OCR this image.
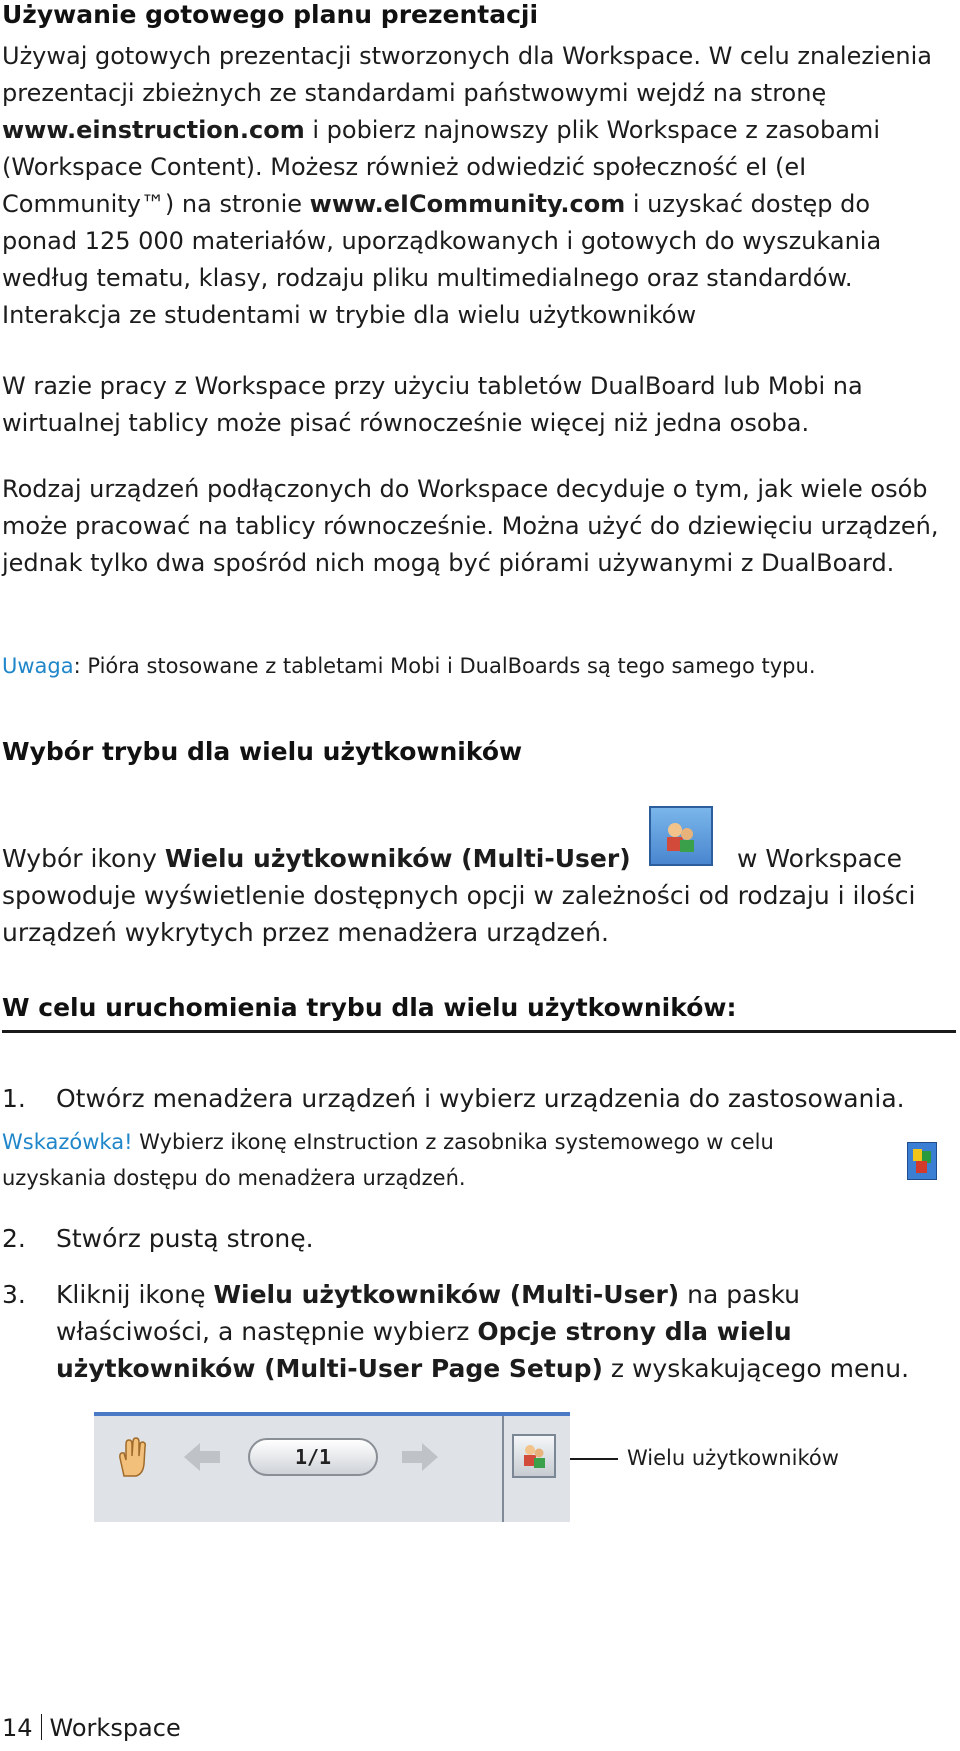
Używanie gotowego planu prezentacji
Używaj gotowych prezentacji stworzonych dla Workspace. W celu znalezienia prezentacji zbieżnych ze standardami państwowymi wejdź na stronę www.einstruction.com i pobierz najnowszy plik Workspace z zasobami (Workspace Content). Możesz również odwiedzić społeczność eI (eI Community™) na stronie www.eICommunity.com i uzyskać dostęp do ponad 125 000 materiałów, uporządkowanych i gotowych do wyszukania według tematu, klasy, rodzaju pliku multimedialnego oraz standardów.
Interakcja ze studentami w trybie dla wielu użytkowników
W razie pracy z Workspace przy użyciu tabletów DualBoard lub Mobi na wirtualnej tablicy może pisać równocześnie więcej niż jedna osoba.
Rodzaj urządzeń podłączonych do Workspace decyduje o tym, jak wiele osób może pracować na tablicy równocześnie. Można użyć do dziewięciu urządzeń, jednak tylko dwa spośród nich mogą być piórami używanymi z DualBoard.
Uwaga: Pióra stosowane z tabletami Mobi i DualBoards są tego samego typu.
Wybór trybu dla wielu użytkowników
Wybór ikony Wielu użytkowników (Multi-User)	w Workspace
spowoduje wyświetlenie dostępnych opcji w zależności od rodzaju i ilości urządzeń wykrytych przez menadżera urządzeń.
W celu uruchomienia trybu dla wielu użytkowników:
1.	Otwórz menadżera urządzeń i wybierz urządzenia do zastosowania.
Wskazówka! Wybierz ikonę eInstruction z zasobnika systemowego w celu uzyskania dostępu do menadżera urządzeń.
2.	Stwórz pustą stronę.
3.	Kliknij ikonę Wielu użytkowników (Multi-User) na pasku właściwości, a następnie wybierz Opcje strony dla wielu użytkowników (Multi-User Page Setup) z wyskakującego menu.
1/1	Wielu użytkowników
14 Workspace
